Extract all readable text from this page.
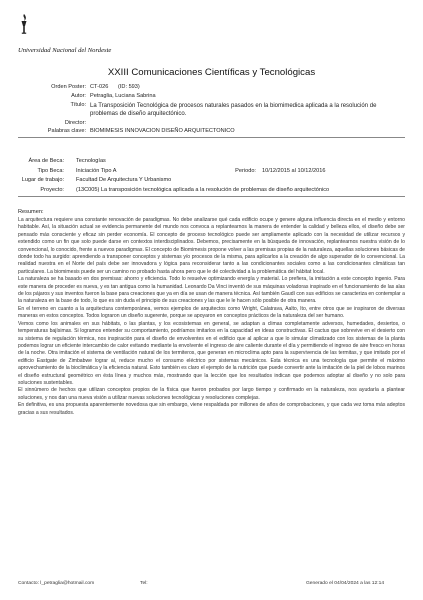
Universidad Nacional del Nordeste
XXIII Comunicaciones Científicas y Tecnológicas
Orden Poster: CT-026 (ID: 593)
Autor: Petraglia, Luciana Sabrina
Título: La Transposición Tecnológica de procesos naturales pasados en la biomimedica aplicada a la resolución de problemas de diseño arquitectónico.
Director:
Palabras clave: BIOMIMESIS INNOVACION DISEÑO ARQUITECTONICO
Área de Beca: Tecnologías
Tipo Beca: Iniciación Tipo A	Periodo: 10/12/2015 al 10/12/2016
Lugar de trabajo: Facultad De Arquitectura Y Urbanismo
Proyecto: (13C005) La transposición tecnológica aplicada a la resolución de problemas de diseño arquitectónico
Resumen:

La arquitectura requiere una constante renovación de paradigmas. No debe analizarse qué cada edificio ocupe y genere alguna influencia directa en el medio y entorno habitable. Así, la situación actual se evidencia permanente del mundo nos convoca a replantearnos la manera de entender la calidad y belleza ellos, el diseño debe ser pensado más consciente y eficaz sin perder economía. El concepto de proceso tecnológico puede ser ampliamente aplicado con la necesidad de utilizar recursos y extendido como un fin que solo puede darse en contextos interdisciplinados. Debemos, precisamente en la búsqueda de innovación, replantearnos nuestra visión de lo convencional, lo conocido, frente a nuevos paradigmas. El concepto de Biomimesis propone volver a las premisas propias de la naturaleza, aquellas soluciones básicas de donde todo ha surgido: aprendiendo a transponer conceptos y sistemas y/o procesos de la misma, para aplicarlos a la creación de algo superador de lo convencional. La realidad nuestra en el Norte del país debe ser innovadora y lógica para reconsiderar tanto a las condicionantes sociales como a las condicionantes climáticas tan particulares. La biomimesis puede ser un camino no probado hasta ahora pero que le dé colectividad a la problemática del hábitat local.

La naturaleza se ha basado en dos premisas: ahorro y eficiencia. Todo lo resuelve optimizando energía y material. Lo prefiera, la imitación a este concepto ingenio. Para este manera de proceder es nueva, y es tan antigua como la humanidad. Leonardo Da Vinci inventó de sus máquinas voladoras inspirado en el funcionamiento de las alas de los pájaros y sus inventos fueron la base para creaciones que ya en día se usan de manera técnica. Así también Gaudí con sus edificios se caracteriza en contemplar a la naturaleza en la base de todo, lo que es sin duda el principio de sus creaciones y las que le le hacen sólo posible de otra manera.

En el terreno en cuanto a la arquitectura contemporánea, vemos ejemplos de arquitectos como Wright, Calatrava, Aalto, Ito, entre otros que se inspiraron de diversas maneras en estos conceptos. Todos lograron un diseño sugerente, porque se apoyaron en conceptos prácticos de la naturaleza del ser humano.

Vemos como los animales en sus hábitats, o las plantas, y los ecosistemas en general, se adaptan a climas completamente adversos, humedades, desiertos, o temperaturas bajísimas. Si logramos entender su comportamiento, podríamos imitarlos en la capacidad en ideas constructivas. El cactus que sobrevive en el desierto con su sistema de regulación térmica, nos inspiración para el diseño de envolventes en el edificio que al aplicar a que lo simular climatizado con los sistemas de la planta podemos lograr un eficiente intercambio de calor evitando mediante la envolvente el ingreso de aire caliente durante el día y permitiendo el ingreso de aire fresco en horas de la noche. Otra imitación el sistema de ventilación natural de los termiteros, que generan en microclima apto para la supervivencia de las termitas, y que imitado por el edificio Eastgate de Zimbabwe lograr al, reduce mucho el consumo eléctrico por sistemas mecánicos. Esta técnica es una tecnología que permite el máximo aprovechamiento de la bioclimática y la eficiencia natural. Esto también es claro el ejemplo de la nutrición que puede convertir ante la imitación de la piel de lobos marinos el diseño estructural geométrico en ésta línea y muchos más, mostrando que la lección que los resultados indican que podemos adoptar al diseño y no solo para soluciones sustentables.

El sinnúmero de hechos que utilizan conceptos propios de la física que fueron probados por largo tiempo y confirmado en la naturaleza, nos ayudaría a plantear soluciones, y nos dan una nueva visión a utilizar nuevas soluciones tecnológicas y resoluciones complejas.

En definitiva, es una propuesta aparentemente novedosa que sin embargo, viene respaldada por millones de años de comprobaciones, y que cada vez toma más adeptos gracias a sus resultados.

Contacto: l_petraglia@hotmail.com	Tel:	Generado el 04/04/2024 a las 12:14
